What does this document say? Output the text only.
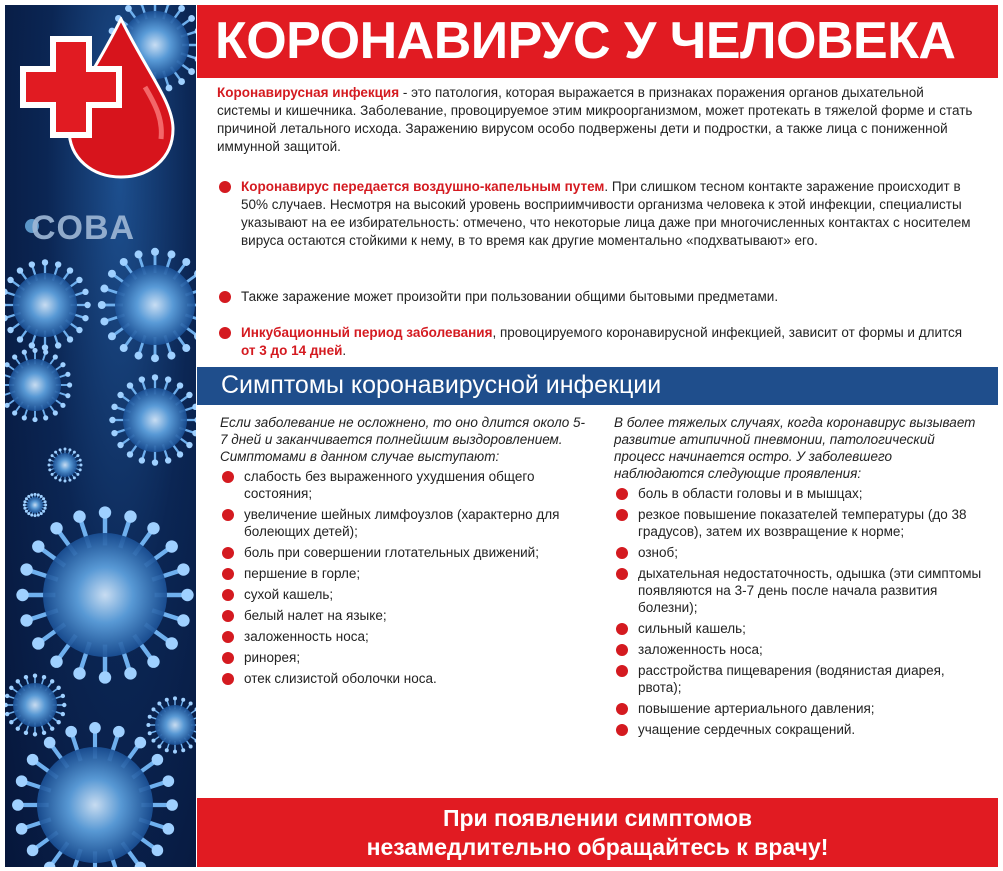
COBA
КОРОНАВИРУС У ЧЕЛОВЕКА
Коронавирусная инфекция - это патология, которая выражается в признаках поражения органов дыхательной системы и кишечника. Заболевание, провоцируемое этим микроорганизмом, может протекать в тяжелой форме и стать причиной летального исхода. Заражению вирусом особо подвержены дети и подростки, а также лица с пониженной иммунной защитой.
Коронавирус передается воздушно-капельным путем. При слишком тесном контакте заражение происходит в 50% случаев. Несмотря на высокий уровень восприимчивости организма человека к этой инфекции, специалисты указывают на ее избирательность: отмечено, что некоторые лица даже при многочисленных контактах с носителем вируса остаются стойкими к нему, в то время как другие моментально «подхватывают» его.
Также заражение может произойти при пользовании общими бытовыми предметами.
Инкубационный период заболевания, провоцируемого коронавирусной инфекцией, зависит от формы и длится от 3 до 14 дней.
Симптомы коронавирусной инфекции
Если заболевание не осложнено, то оно длится около 5-7 дней и заканчивается полнейшим выздоровлением. Симптомами в данном случае выступают:
слабость без выраженного ухудшения общего состояния;
увеличение шейных лимфоузлов (характерно для болеющих детей);
боль при совершении глотательных движений;
першение в горле;
сухой кашель;
белый налет на языке;
заложенность носа;
ринорея;
отек слизистой оболочки носа.
В более тяжелых случаях, когда коронавирус вызывает развитие атипичной пневмонии, патологический процесс начинается остро. У заболевшего наблюдаются следующие проявления:
боль в области головы и в мышцах;
резкое повышение показателей температуры (до 38 градусов), затем их возвращение к норме;
озноб;
дыхательная недостаточность, одышка (эти симптомы появляются на 3-7 день после начала развития болезни);
сильный кашель;
заложенность носа;
расстройства пищеварения (водянистая диарея, рвота);
повышение артериального давления;
учащение сердечных сокращений.
При появлении симптомов
незамедлительно обращайтесь к врачу!
